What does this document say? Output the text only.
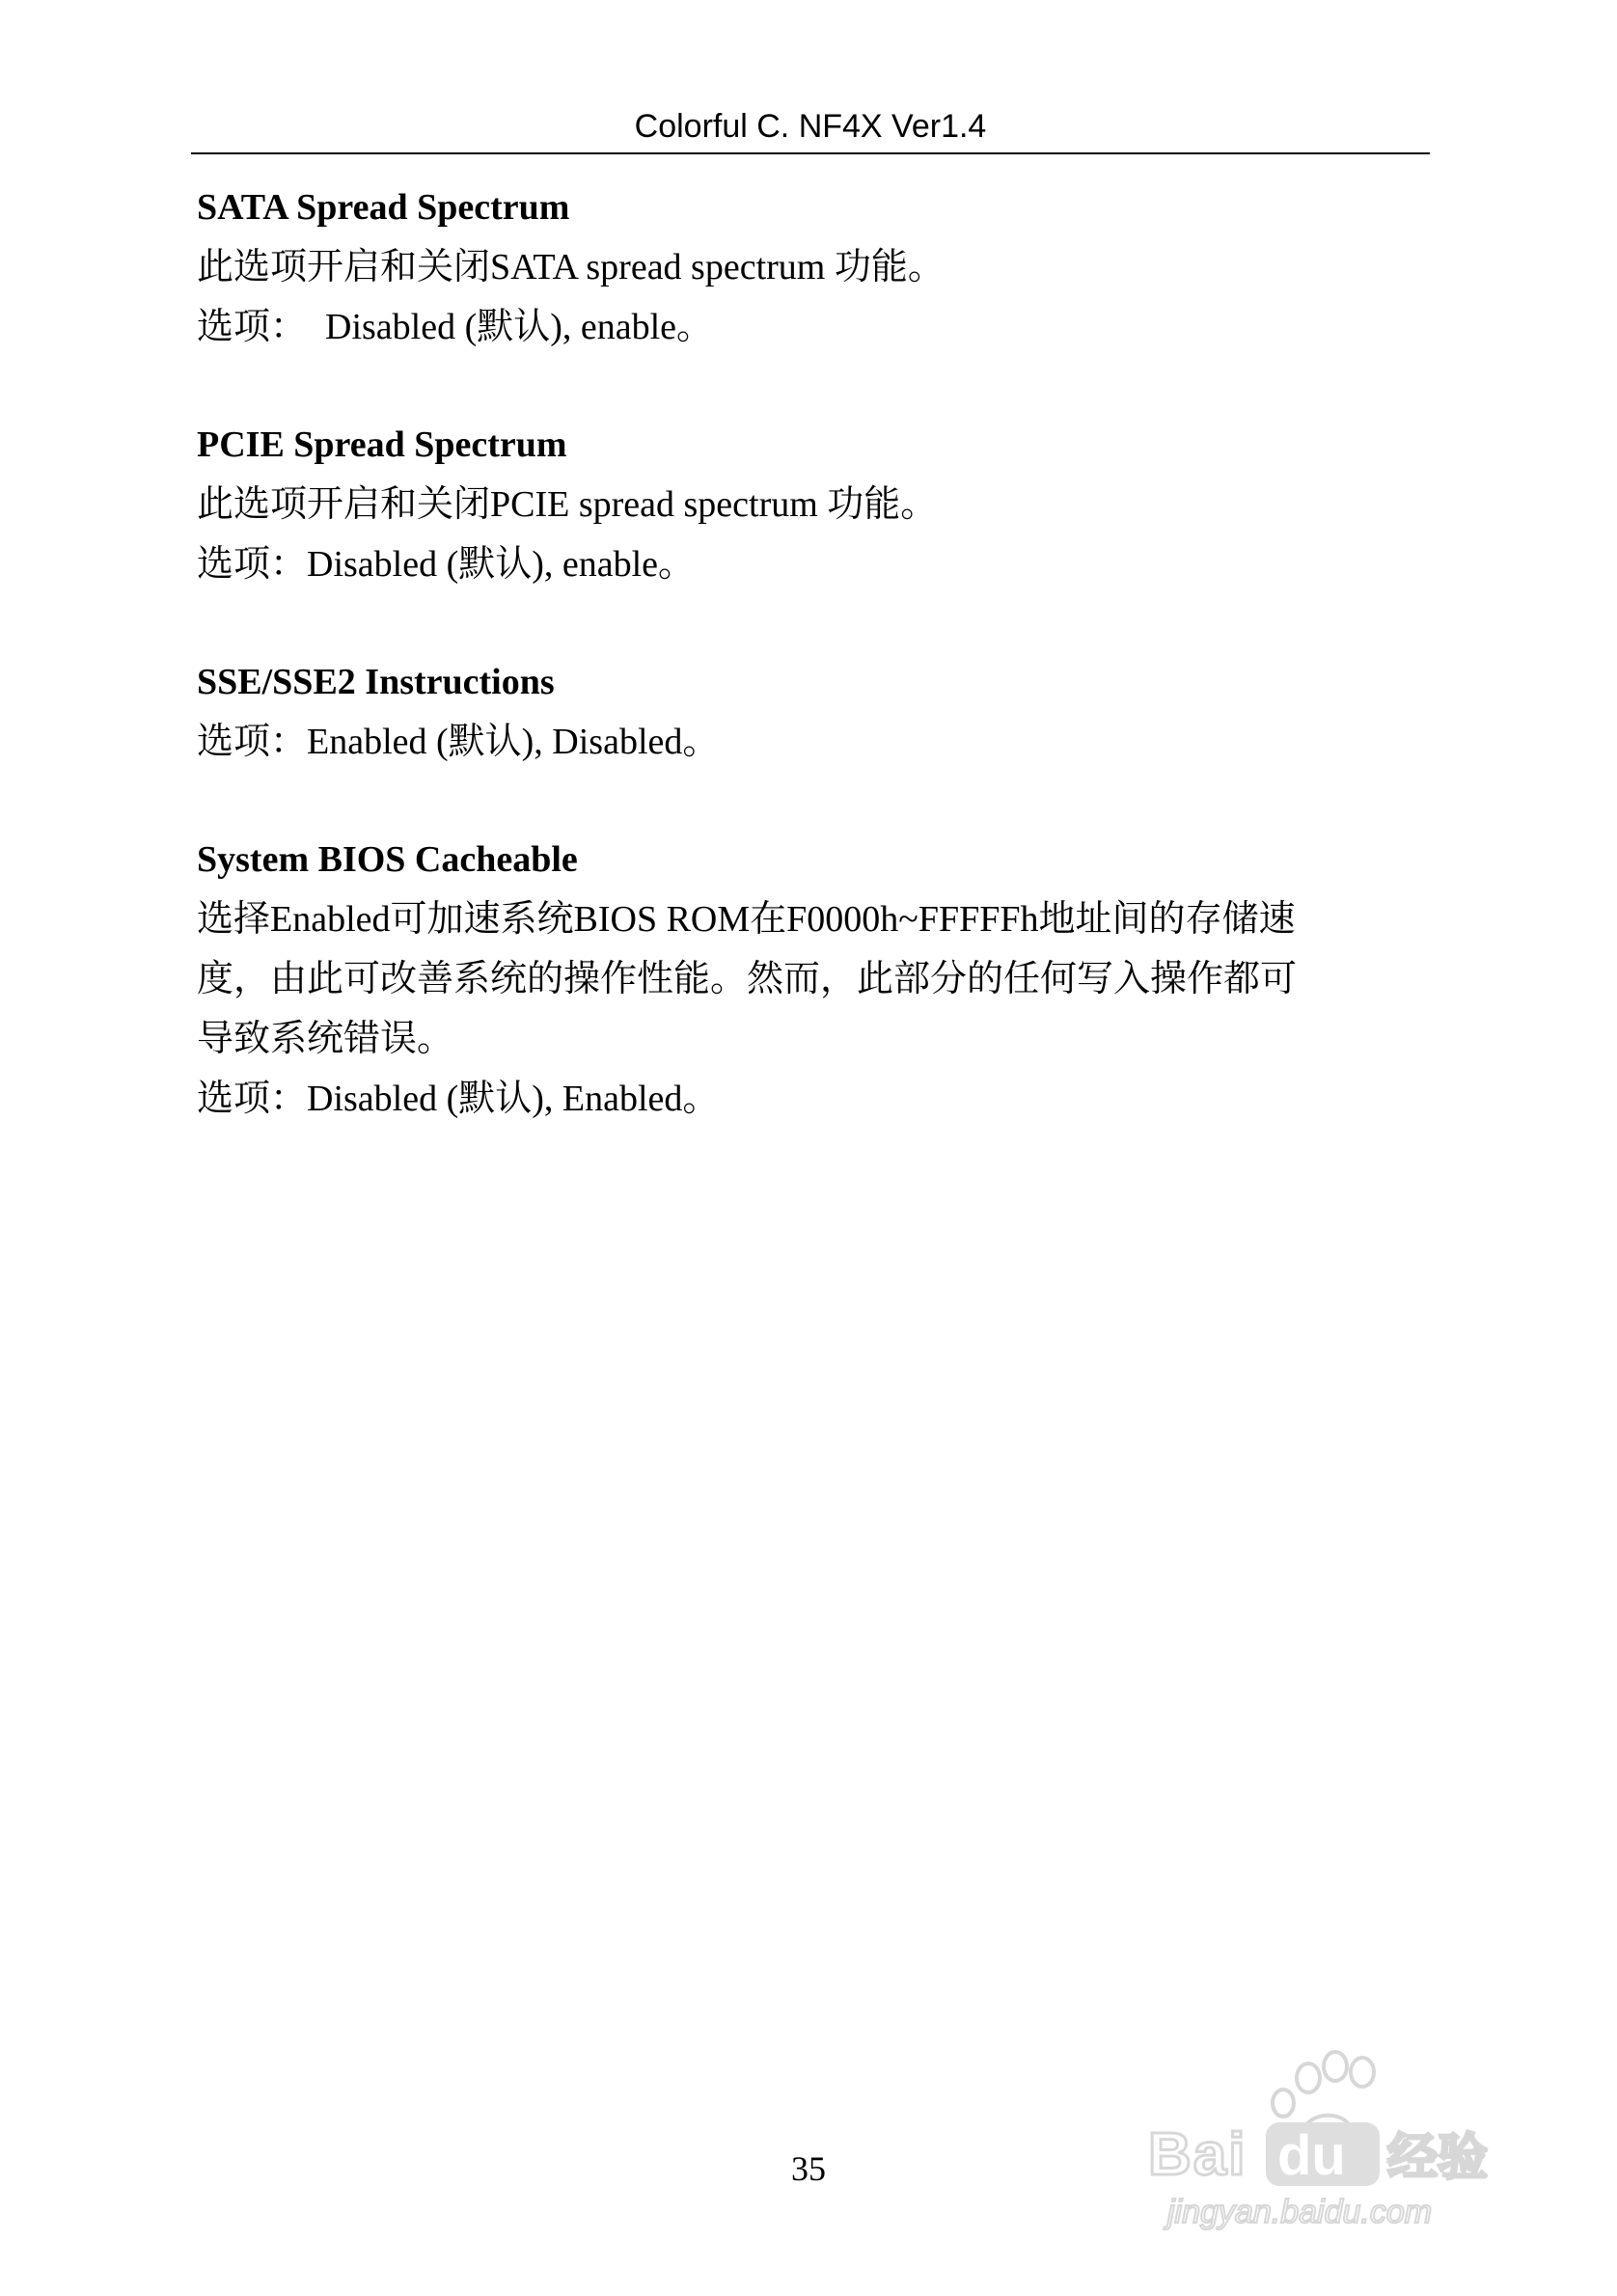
Colorful C. NF4X Ver1.4

SATA Spread Spectrum

此选项开启和关闭SATA spread spectrum 功能。

选项：  Disabled (默认), enable。

PCIE Spread Spectrum

此选项开启和关闭PCIE spread spectrum 功能。

选项：Disabled (默认), enable。

SSE/SSE2 Instructions

选项：Enabled (默认), Disabled。

System BIOS Cacheable

选择Enabled可加速系统BIOS ROM在F0000h~FFFFFh地址间的存储速

度，由此可改善系统的操作性能。然而，此部分的任何写入操作都可

导致系统错误。

选项：Disabled (默认), Enabled。

35	Bai du 经验
jingyan.baidu.com
